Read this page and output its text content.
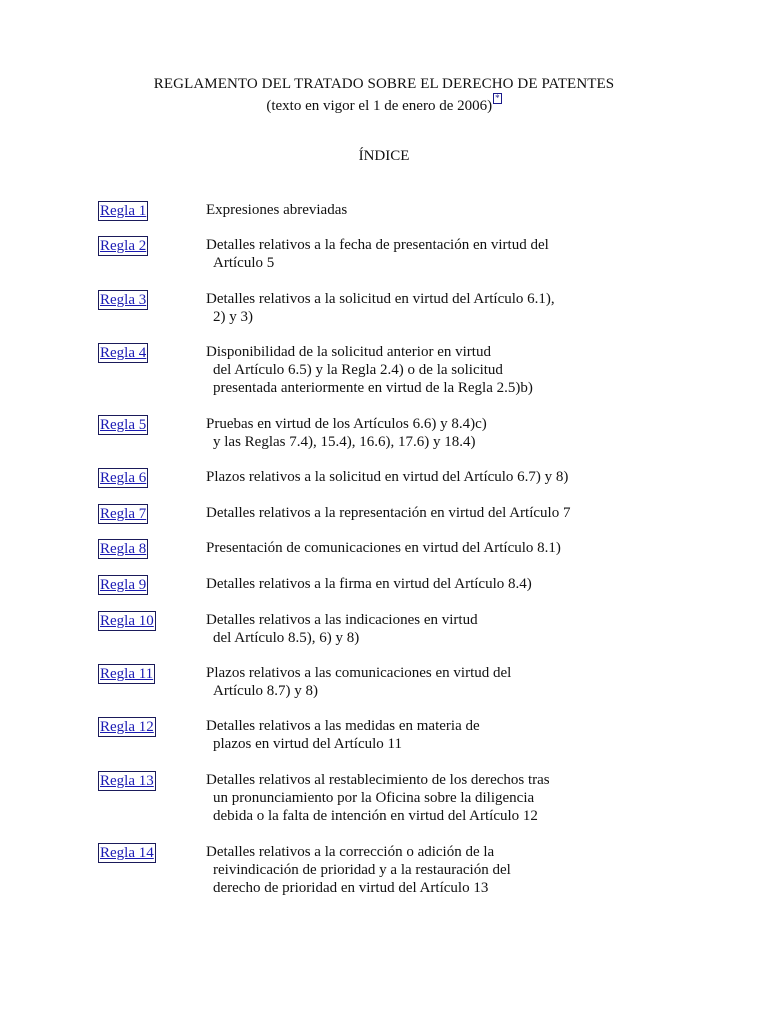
REGLAMENTO DEL TRATADO SOBRE EL DERECHO DE PATENTES
(texto en vigor el 1 de enero de 2006) *
ÍNDICE
Regla 1	Expresiones abreviadas
Regla 2	Detalles relativos a la fecha de presentación en virtud del
Artículo 5
Regla 3	Detalles relativos a la solicitud en virtud del Artículo 6.1),
2) y 3)
Regla 4	Disponibilidad de la solicitud anterior en virtud
del Artículo 6.5) y la Regla 2.4) o de la solicitud
presentada anteriormente en virtud de la Regla 2.5)b)
Regla 5	Pruebas en virtud de los Artículos 6.6) y 8.4)c)
y las Reglas 7.4), 15.4), 16.6), 17.6) y 18.4)
Regla 6	Plazos relativos a la solicitud en virtud del Artículo 6.7) y 8)
Regla 7	Detalles relativos a la representación en virtud del Artículo 7
Regla 8	Presentación de comunicaciones en virtud del Artículo 8.1)
Regla 9	Detalles relativos a la firma en virtud del Artículo 8.4)
Regla 10	Detalles relativos a las indicaciones en virtud
del Artículo 8.5), 6) y 8)
Regla 11	Plazos relativos a las comunicaciones en virtud del
Artículo 8.7) y 8)
Regla 12	Detalles relativos a las medidas en materia de
plazos en virtud del Artículo 11
Regla 13	Detalles relativos al restablecimiento de los derechos tras
un pronunciamiento por la Oficina sobre la diligencia
debida o la falta de intención en virtud del Artículo 12
Regla 14	Detalles relativos a la corrección o adición de la
reivindicación de prioridad y a la restauración del
derecho de prioridad en virtud del Artículo 13
